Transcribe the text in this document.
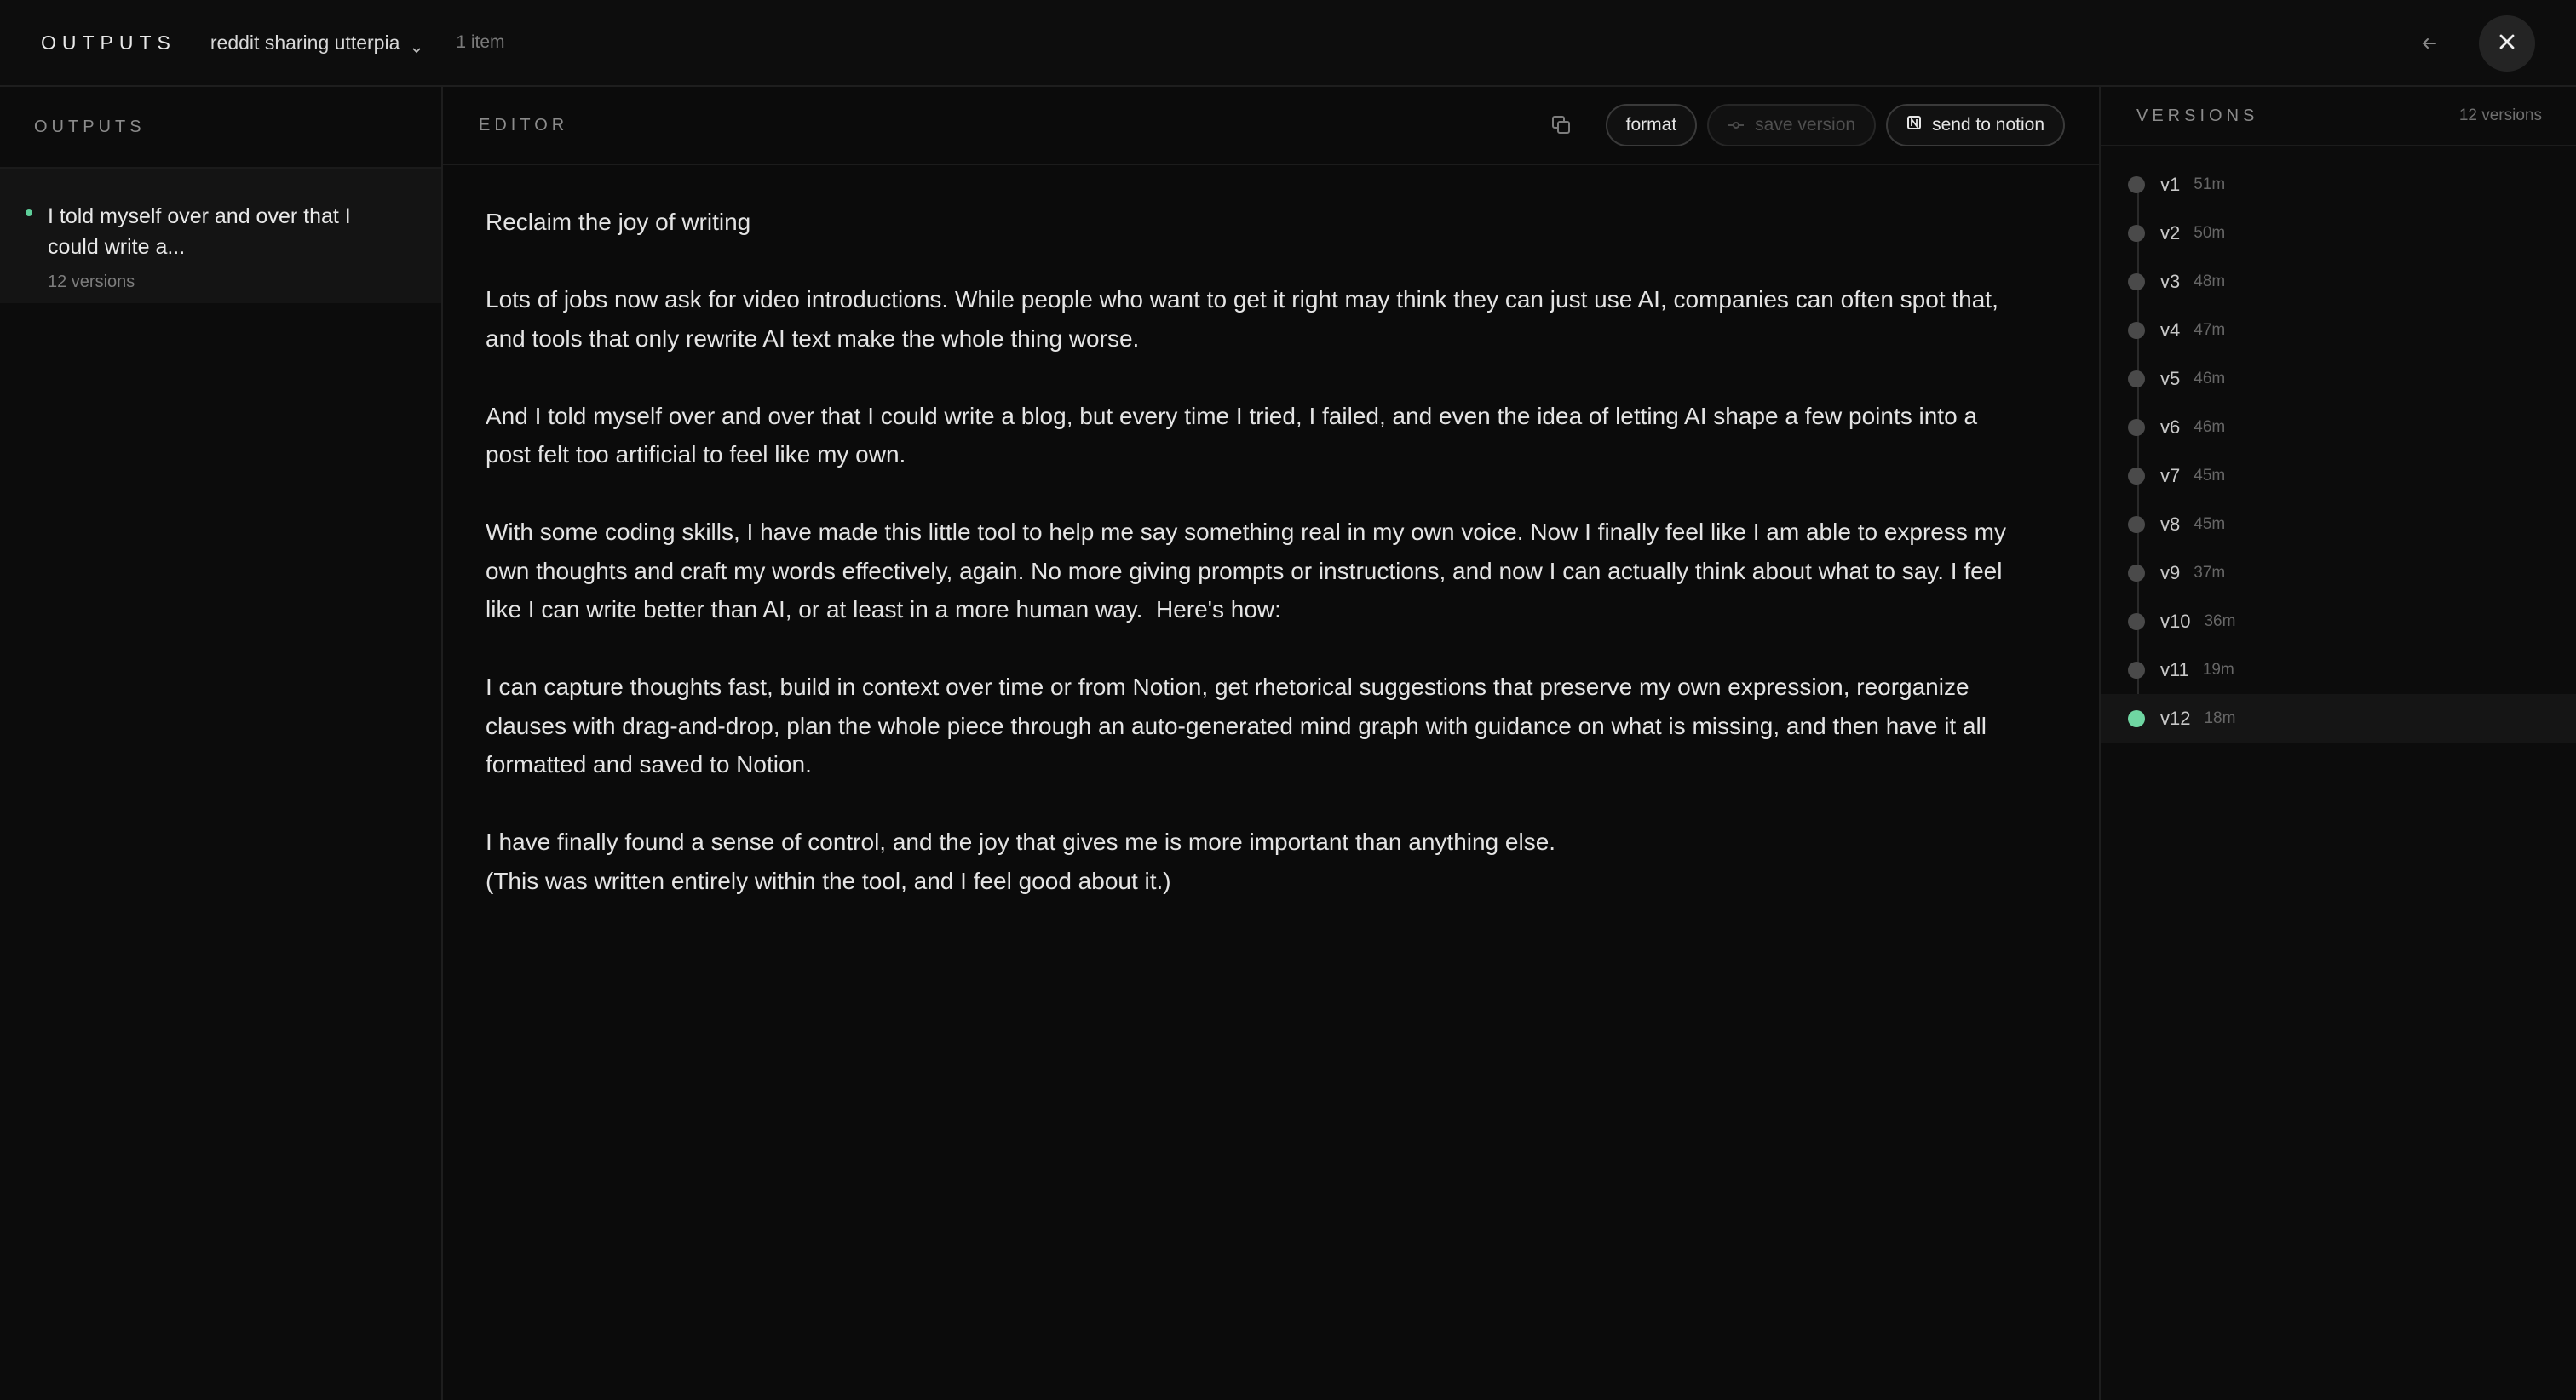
OUTPUTS reddit sharing utterpia	1 item
OUTPUTS
I told myself over and over that I could write a...
12 versions
EDITOR	format	save version	send to notion

Reclaim the joy of writing

Lots of jobs now ask for video introductions. While people who want to get it right may think they can just use AI, companies can often spot that, and tools that only rewrite AI text make the whole thing worse.

And I told myself over and over that I could write a blog, but every time I tried, I failed, and even the idea of letting AI shape a few points into a post felt too artificial to feel like my own.

With some coding skills, I have made this little tool to help me say something real in my own voice. Now I finally feel like I am able to express my own thoughts and craft my words effectively, again. No more giving prompts or instructions, and now I can actually think about what to say. I feel like I can write better than AI, or at least in a more human way.  Here's how:

I can capture thoughts fast, build in context over time or from Notion, get rhetorical suggestions that preserve my own expression, reorganize clauses with drag-and-drop, plan the whole piece through an auto-generated mind graph with guidance on what is missing, and then have it all formatted and saved to Notion.

I have finally found a sense of control, and the joy that gives me is more important than anything else.

(This was written entirely within the tool, and I feel good about it.)

VERSIONS	12 versions
v1 51m
v2 50m
v3 48m
v4 47m
v5 46m
v6 46m
v7 45m
v8 45m
v9 37m
v10 36m
v11 19m
v12 18m
